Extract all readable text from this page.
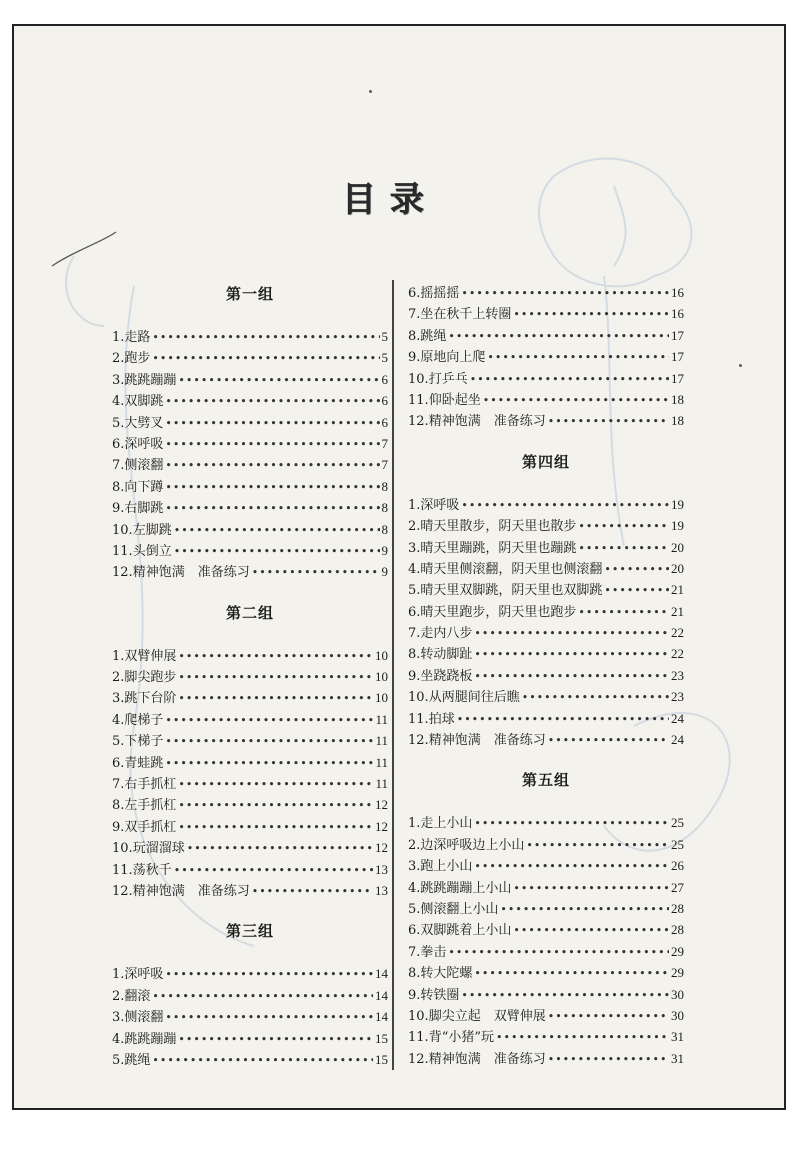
目录
第一组
1. 走路 •••••	5
2. 跑步 •••••	5
3. 跳跳蹦蹦 •••••	6
4. 双脚跳 •••••	6
5. 大劈叉 •••••	6
6. 深呼吸 •••••	7
7. 侧滚翻 •••••	7
8. 向下蹲 •••••	8
9. 右脚跳 •••••	8
10. 左脚跳 •••••	8
11. 头倒立 •••••	9
12. 精神饱满　准备练习 •••••	9
第二组
1. 双臂伸展 •••••	10
2. 脚尖跑步 •••••	10
3. 跳下台阶 •••••	10
4. 爬梯子 •••••	11
5. 下梯子 •••••	11
6. 青蛙跳 •••••	11
7. 右手抓杠 •••••	11
8. 左手抓杠 •••••	12
9. 双手抓杠 •••••	12
10. 玩溜溜球 •••••	12
11. 荡秋千 •••••	13
12. 精神饱满　准备练习 •••••	13
第三组
1. 深呼吸 •••••	14
2. 翻滚 •••••	14
3. 侧滚翻 •••••	14
4. 跳跳蹦蹦 •••••	15
5. 跳绳 •••••	15
6. 摇摇摇 •••••	16
7. 坐在秋千上转圈 •••••	16
8. 跳绳 •••••	17
9. 原地向上爬 •••••	17
10. 打乒乓 •••••	17
11. 仰卧起坐 •••••	18
12. 精神饱满　准备练习 •••••	18
第四组
1. 深呼吸 •••••	19
2. 晴天里散步，阴天里也散步 •••••	19
3. 晴天里蹦跳，阴天里也蹦跳 •••••	20
4. 晴天里侧滚翻，阴天里也侧滚翻 •••••	20
5. 晴天里双脚跳，阴天里也双脚跳 •••••	21
6. 晴天里跑步，阴天里也跑步 •••••	21
7. 走内八步 •••••	22
8. 转动脚趾 •••••	22
9. 坐跷跷板 •••••	23
10. 从两腿间往后瞧 •••••	23
11. 拍球 •••••	24
12. 精神饱满　准备练习 •••••	24
第五组
1. 走上小山 •••••	25
2. 边深呼吸边上小山 •••••	25
3. 跑上小山 •••••	26
4. 跳跳蹦蹦上小山 •••••	27
5. 侧滚翻上小山 •••••	28
6. 双脚跳着上小山 •••••	28
7. 拳击 •••••	29
8. 转大陀螺 •••••	29
9. 转铁圈 •••••	30
10. 脚尖立起　双臂伸展 •••••	30
11. 背“小猪”玩 •••••	31
12. 精神饱满　准备练习 •••••	31
